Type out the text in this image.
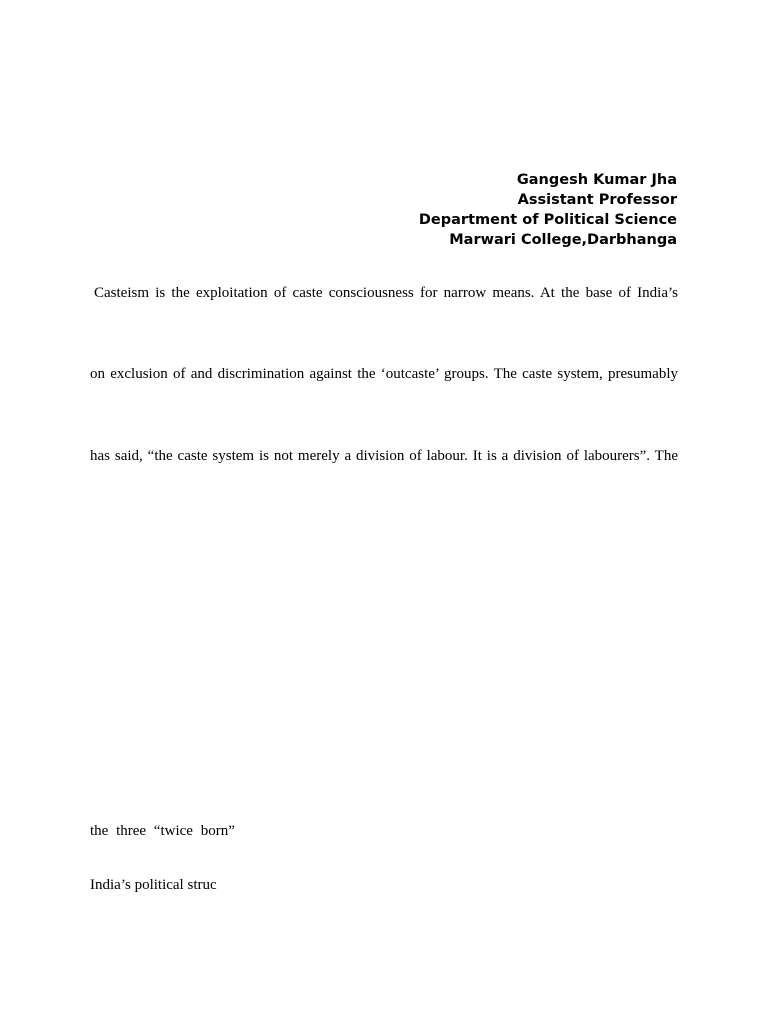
Gangesh Kumar Jha
Assistant Professor
Department of Political Science
Marwari College,Darbhanga
Casteism is the exploitation of caste consciousness for narrow means. At the base of India’s
on exclusion of and discrimination against the ‘outcaste’ groups. The caste system, presumably
has said, “the caste system is not merely a division of labour. It is a division of labourers”. The
the three “twice born”
India’s political struc
